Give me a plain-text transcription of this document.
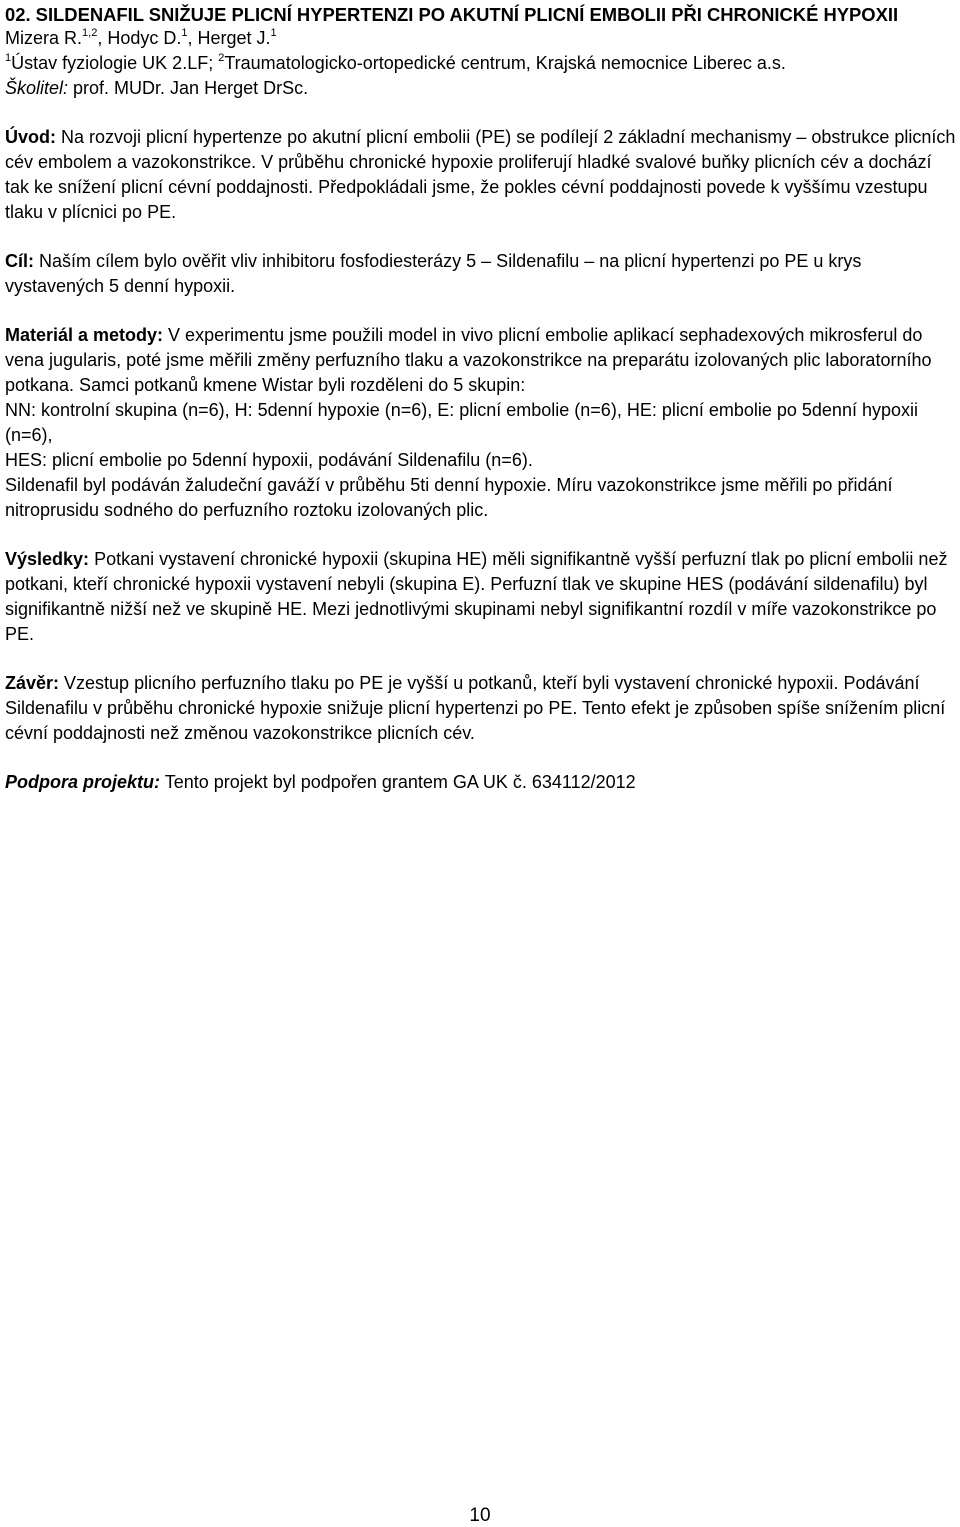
02. SILDENAFIL SNIŽUJE PLICNÍ HYPERTENZI PO AKUTNÍ PLICNÍ EMBOLII PŘI CHRONICKÉ HYPOXII

Mizera R.$^{1,2}$, Hodyc D.$^1$, Herget J.$^1$

$^1$Ústav fyziologie UK 2.LF; $^2$Traumatologicko-ortopedické centrum, Krajská nemocnice Liberec a.s.

Školitel: prof. MUDr. Jan Herget DrSc.

Úvod: Na rozvoji plicní hypertenze po akutní plicní embolii (PE) se podílejí 2 základní mechanismy – obstrukce plicních cév embolem a vazokonstrikce. V průběhu chronické hypoxie proliferují hladké svalové buňky plicních cév a dochází tak ke snížení plicní cévní poddajnosti. Předpokládali jsme, že pokles cévní poddajnosti povede k vyššímu vzestupu tlaku v plícnici po PE.

Cíl: Naším cílem bylo ověřit vliv inhibitoru fosfodiesterázy 5 – Sildenafilu – na plicní hypertenzi po PE u krys vystavených 5 denní hypoxii.

Materiál a metody: V experimentu jsme použili model in vivo plicní embolie aplikací sephadexových mikrosferul do vena jugularis, poté jsme měřili změny perfuzního tlaku a vazokonstrikce na preparátu izolovaných plic laboratorního potkana. Samci potkanů kmene Wistar byli rozděleni do 5 skupin:
NN: kontrolní skupina (n=6), H: 5denní hypoxie (n=6), E: plicní embolie (n=6), HE: plicní embolie po 5denní hypoxii (n=6),
HES: plicní embolie po 5denní hypoxii, podávání Sildenafilu (n=6).
Sildenafil byl podáván žaludeční gaváží v průběhu 5ti denní hypoxie. Míru vazokonstrikce jsme měřili po přidání nitroprusidu sodného do perfuzního roztoku izolovaných plic.

Výsledky: Potkani vystavení chronické hypoxii (skupina HE) měli signifikantně vyšší perfuzní tlak po plicní embolii než potkani, kteří chronické hypoxii vystavení nebyli (skupina E). Perfuzní tlak ve skupine HES (podávání sildenafilu) byl signifikantně nižší než ve skupině HE. Mezi jednotlivými skupinami nebyl signifikantní rozdíl v míře vazokonstrikce po PE.

Závěr: Vzestup plicního perfuzního tlaku po PE je vyšší u potkanů, kteří byli vystavení chronické hypoxii. Podávání Sildenafilu v průběhu chronické hypoxie snižuje plicní hypertenzi po PE. Tento efekt je způsoben spíše snížením plicní cévní poddajnosti než změnou vazokonstrikce plicních cév.

Podpora projektu: Tento projekt byl podpořen grantem GA UK č. 634112/2012

10
